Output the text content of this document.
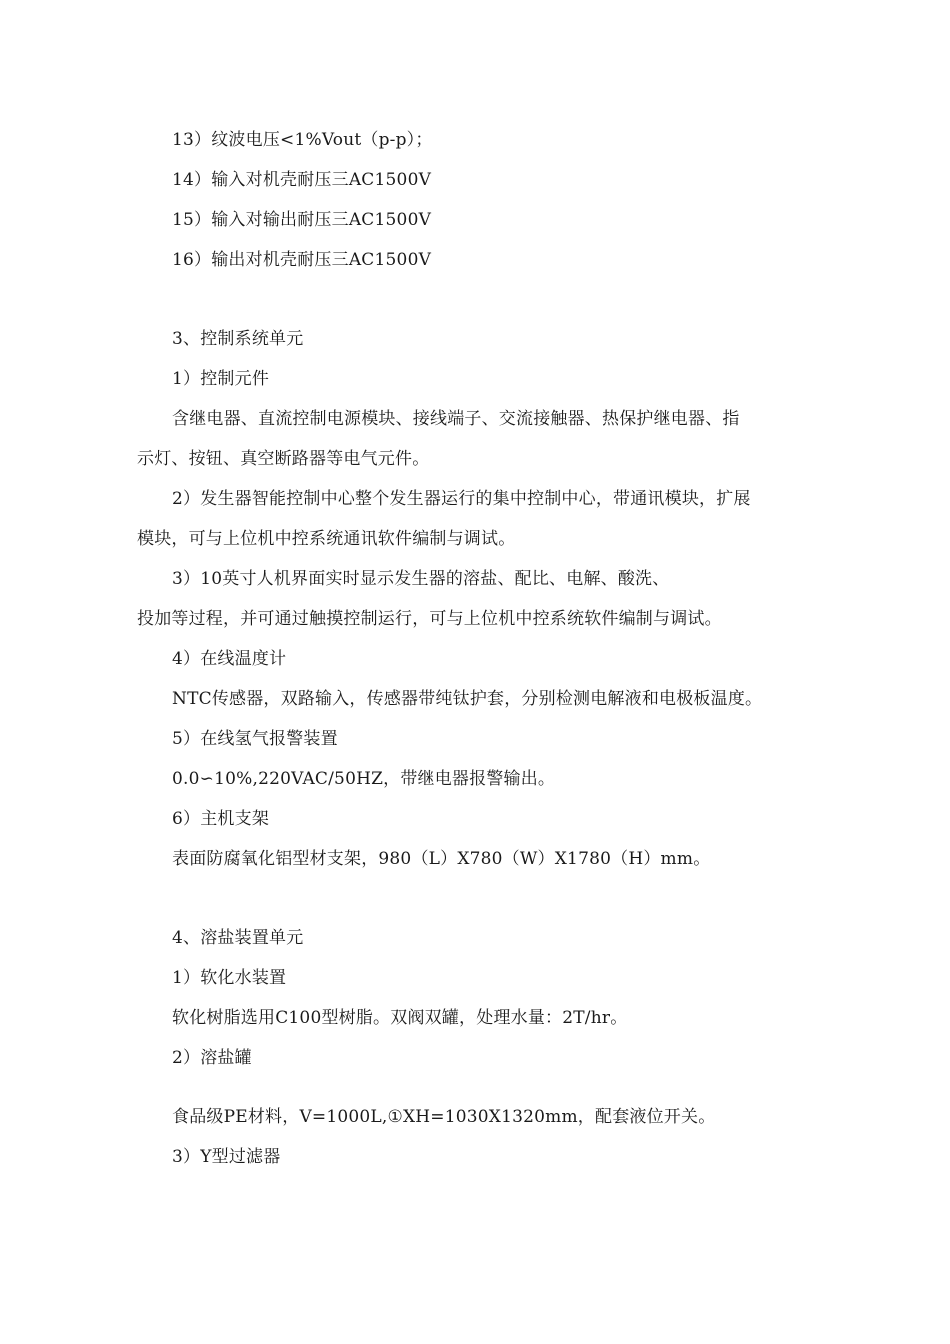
13）纹波电压<1%Vout（p-p）；
14）输入对机壳耐压三AC1500V
15）输入对输出耐压三AC1500V
16）输出对机壳耐压三AC1500V
3、控制系统单元
1）控制元件
含继电器、直流控制电源模块、接线端子、交流接触器、热保护继电器、指
示灯、按钮、真空断路器等电气元件。
2）发生器智能控制中心整个发生器运行的集中控制中心，带通讯模块，扩展
模块，可与上位机中控系统通讯软件编制与调试。
3）10英寸人机界面实时显示发生器的溶盐、配比、电解、酸洗、
投加等过程，并可通过触摸控制运行，可与上位机中控系统软件编制与调试。
4）在线温度计
NTC传感器，双路输入，传感器带纯钛护套，分别检测电解液和电极板温度。
5）在线氢气报警装置
0.0∽10%,220VAC/50HZ，带继电器报警输出。
6）主机支架
表面防腐氧化铝型材支架，980（L）X780（W）X1780（H）mm。
4、溶盐装置单元
1）软化水装置
软化树脂选用C100型树脂。双阀双罐，处理水量：2T/hr。
2）溶盐罐
食品级PE材料，V=1000L,①XH=1030X1320mm，配套液位开关。
3）Y型过滤器
